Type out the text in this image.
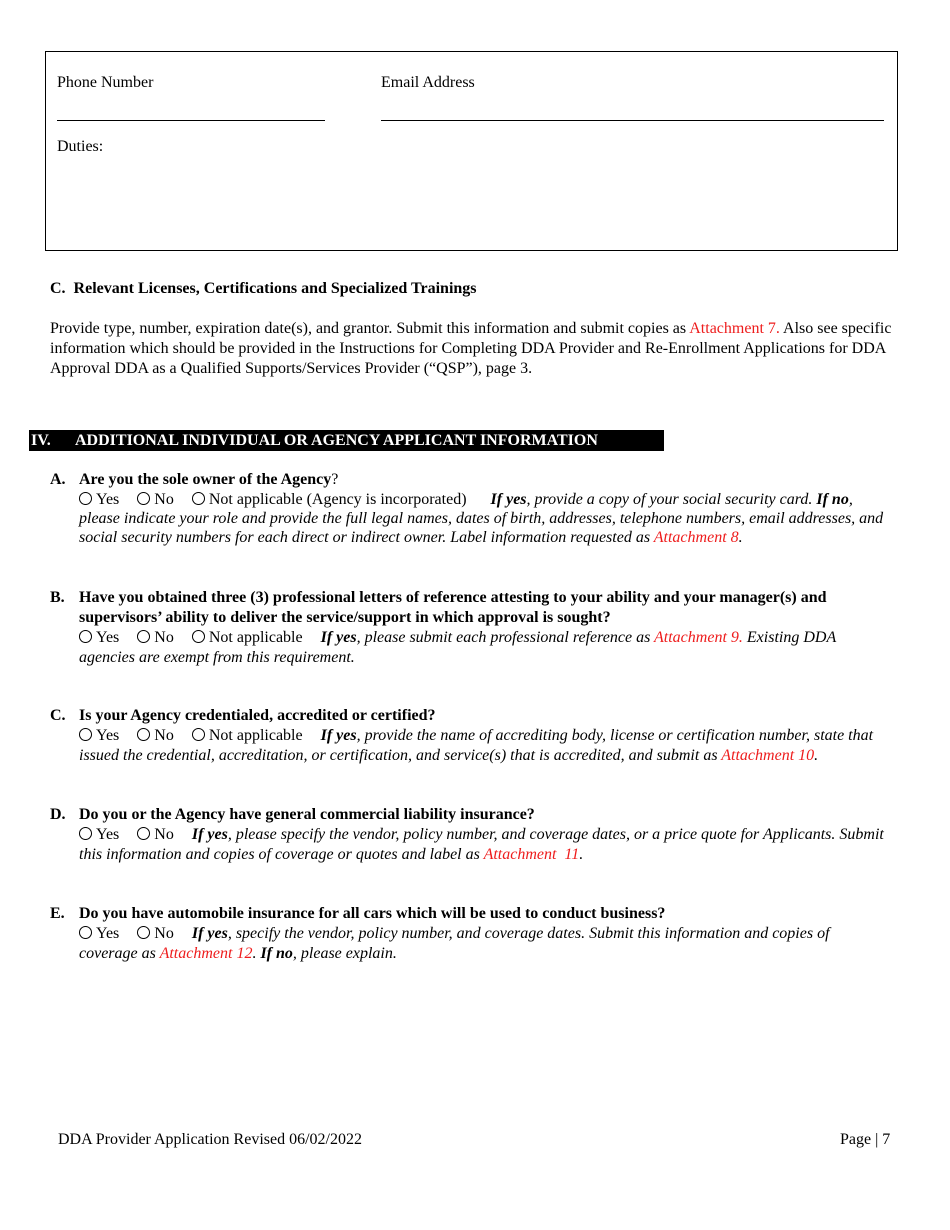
Phone Number	Email Address
Duties:
C.  Relevant Licenses, Certifications and Specialized Trainings
Provide type, number, expiration date(s), and grantor. Submit this information and submit copies as Attachment 7. Also see specific information which should be provided in the Instructions for Completing DDA Provider and Re-Enrollment Applications for DDA Approval DDA as a Qualified Supports/Services Provider (“QSP”), page 3.
IV. ADDITIONAL INDIVIDUAL OR AGENCY APPLICANT INFORMATION
A. Are you the sole owner of the Agency?
Yes No Not applicable (Agency is incorporated) If yes, provide a copy of your social security card. If no, please indicate your role and provide the full legal names, dates of birth, addresses, telephone numbers, email addresses, and social security numbers for each direct or indirect owner. Label information requested as Attachment 8.
B. Have you obtained three (3) professional letters of reference attesting to your ability and your manager(s) and supervisors’ ability to deliver the service/support in which approval is sought?
Yes No Not applicable If yes, please submit each professional reference as Attachment 9. Existing DDA agencies are exempt from this requirement.
C. Is your Agency credentialed, accredited or certified?
Yes No Not applicable If yes, provide the name of accrediting body, license or certification number, state that issued the credential, accreditation, or certification, and service(s) that is accredited, and submit as Attachment 10.
D. Do you or the Agency have general commercial liability insurance?
Yes No If yes, please specify the vendor, policy number, and coverage dates, or a price quote for Applicants. Submit this information and copies of coverage or quotes and label as Attachment  11.
E. Do you have automobile insurance for all cars which will be used to conduct business?
Yes No If yes, specify the vendor, policy number, and coverage dates. Submit this information and copies of coverage as Attachment 12. If no, please explain.
DDA Provider Application Revised 06/02/2022	Page | 7
